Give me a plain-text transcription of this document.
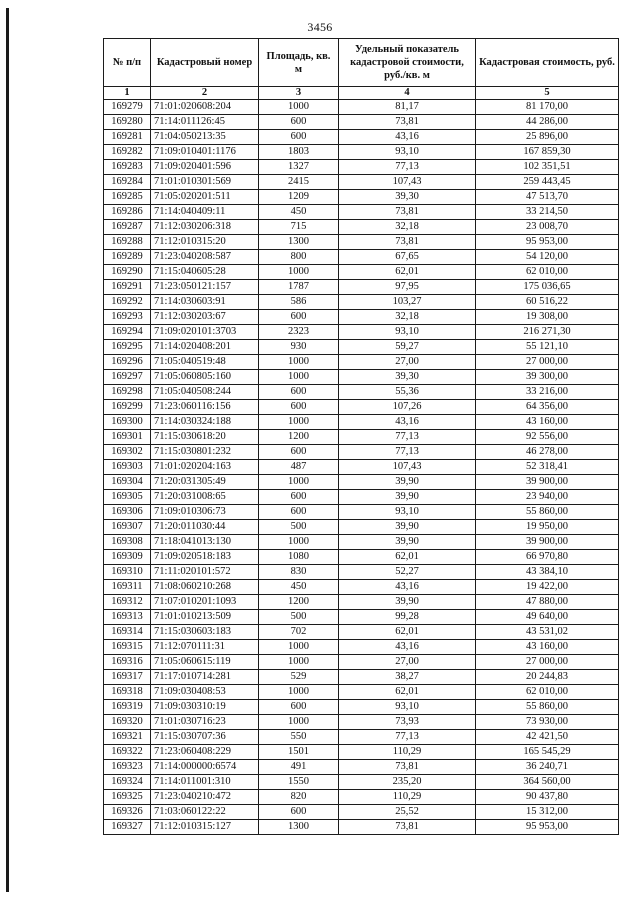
3456
№ п/п	Кадастровый номер	Площадь, кв. м	Удельный показатель кадастровой стоимости, руб./кв. м	Кадастровая стоимость, руб.
1	2	3	4	5
169279	71:01:020608:204	1000	81,17	81 170,00
169280	71:14:011126:45	600	73,81	44 286,00
169281	71:04:050213:35	600	43,16	25 896,00
169282	71:09:010401:1176	1803	93,10	167 859,30
169283	71:09:020401:596	1327	77,13	102 351,51
169284	71:01:010301:569	2415	107,43	259 443,45
169285	71:05:020201:511	1209	39,30	47 513,70
169286	71:14:040409:11	450	73,81	33 214,50
169287	71:12:030206:318	715	32,18	23 008,70
169288	71:12:010315:20	1300	73,81	95 953,00
169289	71:23:040208:587	800	67,65	54 120,00
169290	71:15:040605:28	1000	62,01	62 010,00
169291	71:23:050121:157	1787	97,95	175 036,65
169292	71:14:030603:91	586	103,27	60 516,22
169293	71:12:030203:67	600	32,18	19 308,00
169294	71:09:020101:3703	2323	93,10	216 271,30
169295	71:14:020408:201	930	59,27	55 121,10
169296	71:05:040519:48	1000	27,00	27 000,00
169297	71:05:060805:160	1000	39,30	39 300,00
169298	71:05:040508:244	600	55,36	33 216,00
169299	71:23:060116:156	600	107,26	64 356,00
169300	71:14:030324:188	1000	43,16	43 160,00
169301	71:15:030618:20	1200	77,13	92 556,00
169302	71:15:030801:232	600	77,13	46 278,00
169303	71:01:020204:163	487	107,43	52 318,41
169304	71:20:031305:49	1000	39,90	39 900,00
169305	71:20:031008:65	600	39,90	23 940,00
169306	71:09:010306:73	600	93,10	55 860,00
169307	71:20:011030:44	500	39,90	19 950,00
169308	71:18:041013:130	1000	39,90	39 900,00
169309	71:09:020518:183	1080	62,01	66 970,80
169310	71:11:020101:572	830	52,27	43 384,10
169311	71:08:060210:268	450	43,16	19 422,00
169312	71:07:010201:1093	1200	39,90	47 880,00
169313	71:01:010213:509	500	99,28	49 640,00
169314	71:15:030603:183	702	62,01	43 531,02
169315	71:12:070111:31	1000	43,16	43 160,00
169316	71:05:060615:119	1000	27,00	27 000,00
169317	71:17:010714:281	529	38,27	20 244,83
169318	71:09:030408:53	1000	62,01	62 010,00
169319	71:09:030310:19	600	93,10	55 860,00
169320	71:01:030716:23	1000	73,93	73 930,00
169321	71:15:030707:36	550	77,13	42 421,50
169322	71:23:060408:229	1501	110,29	165 545,29
169323	71:14:000000:6574	491	73,81	36 240,71
169324	71:14:011001:310	1550	235,20	364 560,00
169325	71:23:040210:472	820	110,29	90 437,80
169326	71:03:060122:22	600	25,52	15 312,00
169327	71:12:010315:127	1300	73,81	95 953,00
